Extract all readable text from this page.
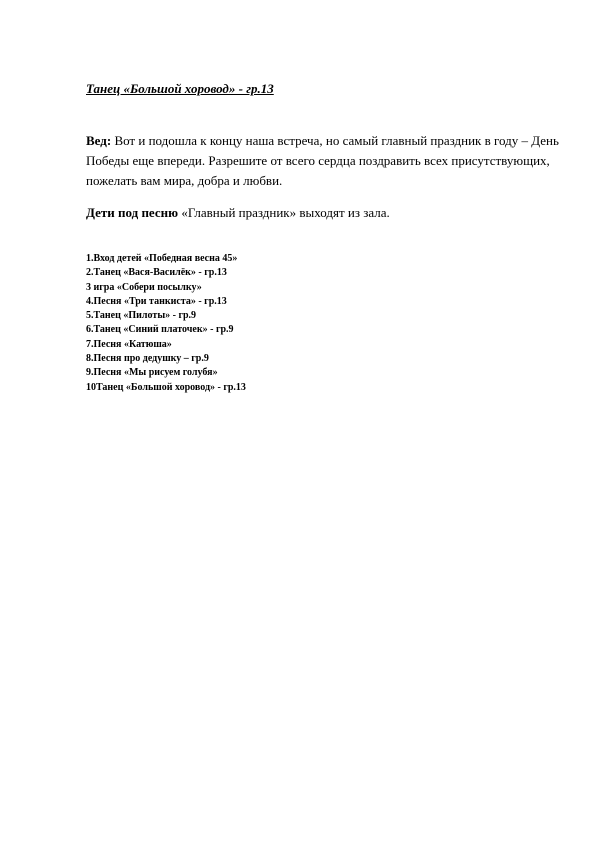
Танец «Большой хоровод» - гр.13
Вед: Вот и подошла к концу наша встреча, но самый главный праздник в году – День Победы еще впереди. Разрешите от всего сердца поздравить всех присутствующих, пожелать вам мира, добра и любви.
Дети под песню «Главный праздник» выходят из зала.
1.Вход детей «Победная весна 45»
2.Танец «Вася-Василёк» - гр.13
3 игра «Собери посылку»
4.Песня «Три танкиста» - гр.13
5.Танец «Пилоты» - гр.9
6.Танец «Синий платочек» - гр.9
7.Песня «Катюша»
8.Песня про дедушку – гр.9
9.Песня «Мы рисуем голубя»
10Танец «Большой хоровод» - гр.13
